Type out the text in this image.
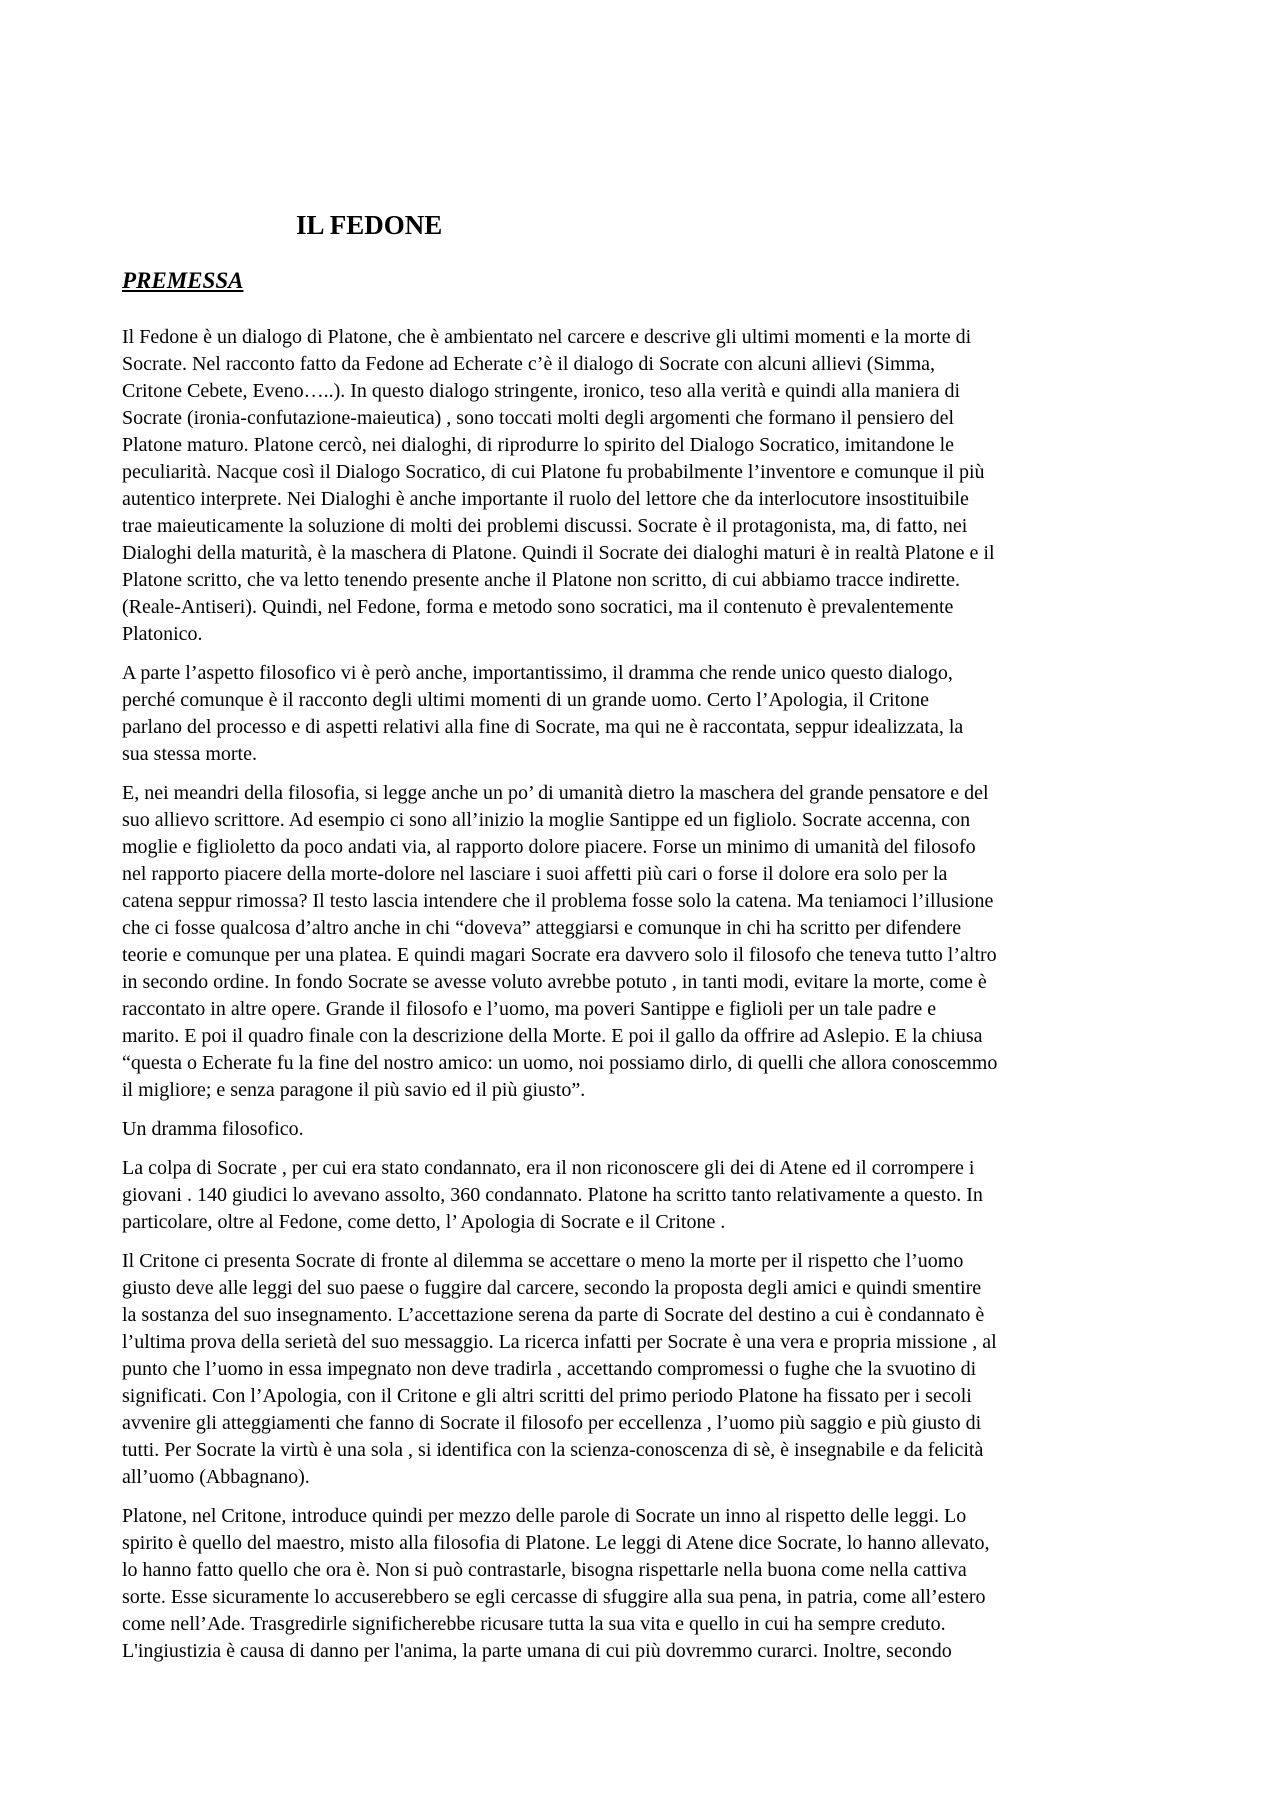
IL FEDONE
PREMESSA

Il Fedone è un dialogo di Platone, che è ambientato nel carcere e descrive gli ultimi momenti e la morte di
Socrate. Nel racconto fatto da Fedone ad Echerate c’è il dialogo di Socrate con alcuni allievi (Simma,
Critone Cebete, Eveno…..). In questo dialogo stringente, ironico, teso alla verità e quindi alla maniera di
Socrate (ironia-confutazione-maieutica) , sono toccati molti degli argomenti che formano il pensiero del
Platone maturo. Platone cercò, nei dialoghi, di riprodurre lo spirito del Dialogo Socratico, imitandone le
peculiarità. Nacque così il Dialogo Socratico, di cui Platone fu probabilmente l’inventore e comunque il più
autentico interprete. Nei Dialoghi è anche importante il ruolo del lettore che da interlocutore insostituibile
trae maieuticamente la soluzione di molti dei problemi discussi. Socrate è il protagonista, ma, di fatto, nei
Dialoghi della maturità, è la maschera di Platone. Quindi il Socrate dei dialoghi maturi è in realtà Platone e il
Platone scritto, che va letto tenendo presente anche il Platone non scritto, di cui abbiamo tracce indirette.
(Reale-Antiseri). Quindi, nel Fedone, forma e metodo sono socratici, ma il contenuto è prevalentemente
Platonico.

A parte l’aspetto filosofico vi è però anche, importantissimo, il dramma che rende unico questo dialogo,
perché comunque è il racconto degli ultimi momenti di un grande uomo. Certo l’Apologia, il Critone
parlano del processo e di aspetti relativi alla fine di Socrate, ma qui ne è raccontata, seppur idealizzata, la
sua stessa morte.

E, nei meandri della filosofia, si legge anche un po’ di umanità dietro la maschera del grande pensatore e del
suo allievo scrittore. Ad esempio ci sono all’inizio la moglie Santippe ed un figliolo. Socrate accenna, con
moglie e figlioletto da poco andati via, al rapporto dolore piacere. Forse un minimo di umanità del filosofo
nel rapporto piacere della morte-dolore nel lasciare i suoi affetti più cari o forse il dolore era solo per la
catena seppur rimossa? Il testo lascia intendere che il problema fosse solo la catena. Ma teniamoci l’illusione
che ci fosse qualcosa d’altro anche in chi “doveva” atteggiarsi e comunque in chi ha scritto per difendere
teorie e comunque per una platea. E quindi magari Socrate era davvero solo il filosofo che teneva tutto l’altro
in secondo ordine. In fondo Socrate se avesse voluto avrebbe potuto , in tanti modi, evitare la morte, come è
raccontato in altre opere. Grande il filosofo e l’uomo, ma poveri Santippe e figlioli per un tale padre e
marito. E poi il quadro finale con la descrizione della Morte. E poi il gallo da offrire ad Aslepio. E la chiusa
“questa o Echerate fu la fine del nostro amico: un uomo, noi possiamo dirlo, di quelli che allora conoscemmo
il migliore; e senza paragone il più savio ed il più giusto”.

Un dramma filosofico.

La colpa di Socrate , per cui era stato condannato, era il non riconoscere gli dei di Atene ed il corrompere i
giovani . 140 giudici lo avevano assolto, 360 condannato. Platone ha scritto tanto relativamente a questo. In
particolare, oltre al Fedone, come detto, l’ Apologia di Socrate e il Critone .

Il Critone ci presenta Socrate di fronte al dilemma se accettare o meno la morte per il rispetto che l’uomo
giusto deve alle leggi del suo paese o fuggire dal carcere, secondo la proposta degli amici e quindi smentire
la sostanza del suo insegnamento. L’accettazione serena da parte di Socrate del destino a cui è condannato è
l’ultima prova della serietà del suo messaggio. La ricerca infatti per Socrate è una vera e propria missione , al
punto che l’uomo in essa impegnato non deve tradirla , accettando compromessi o fughe che la svuotino di
significati. Con l’Apologia, con il Critone e gli altri scritti del primo periodo Platone ha fissato per i secoli
avvenire gli atteggiamenti che fanno di Socrate il filosofo per eccellenza , l’uomo più saggio e più giusto di
tutti. Per Socrate la virtù è una sola , si identifica con la scienza-conoscenza di sè, è insegnabile e da felicità
all’uomo (Abbagnano).

Platone, nel Critone, introduce quindi per mezzo delle parole di Socrate un inno al rispetto delle leggi. Lo
spirito è quello del maestro, misto alla filosofia di Platone. Le leggi di Atene dice Socrate, lo hanno allevato,
lo hanno fatto quello che ora è. Non si può contrastarle, bisogna rispettarle nella buona come nella cattiva
sorte. Esse sicuramente lo accuserebbero se egli cercasse di sfuggire alla sua pena, in patria, come all’estero
come nell’Ade. Trasgredirle significherebbe ricusare tutta la sua vita e quello in cui ha sempre creduto.
L'ingiustizia è causa di danno per l'anima, la parte umana di cui più dovremmo curarci. Inoltre, secondo
